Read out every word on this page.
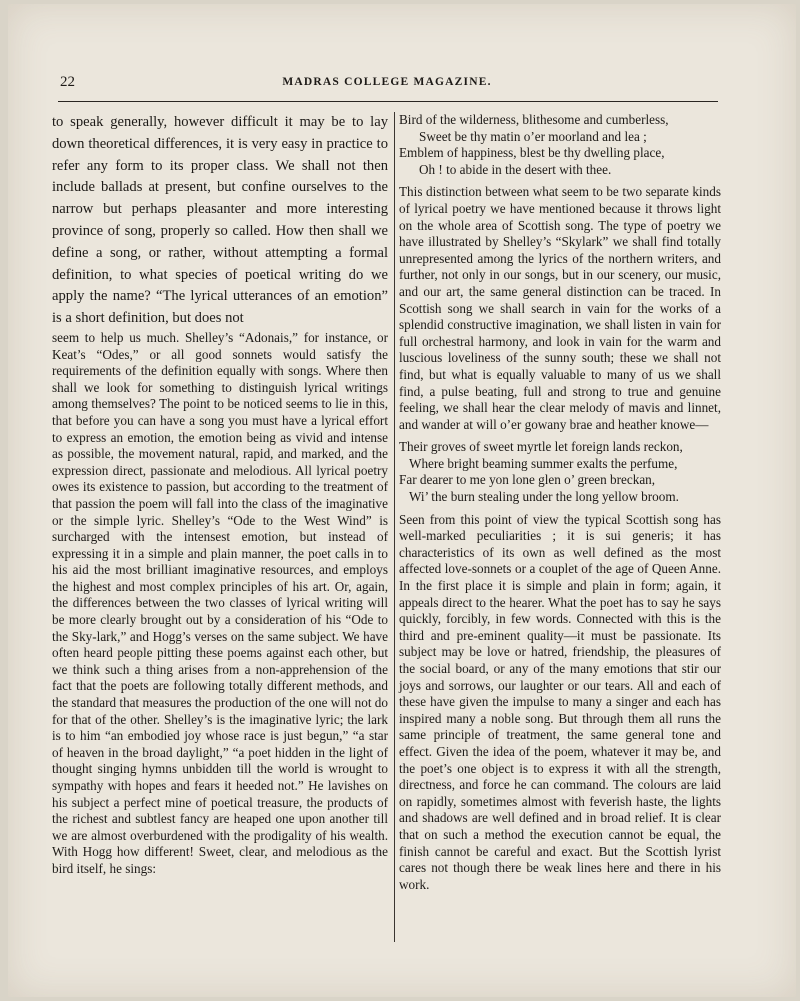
22	MADRAS COLLEGE MAGAZINE.

to speak generally, however difficult it may be to lay down theoretical differences, it is very easy in practice to refer any form to its proper class. We shall not then include ballads at present, but confine ourselves to the narrow but perhaps pleasanter and more interesting province of song, properly so called. How then shall we define a song, or rather, without attempting a formal definition, to what species of poetical writing do we apply the name? “The lyrical utterances of an emotion” is a short definition, but does not

seem to help us much. Shelley’s “Adonais,” for instance, or Keat’s “Odes,” or all good sonnets would satisfy the requirements of the definition equally with songs. Where then shall we look for something to distinguish lyrical writings among themselves? The point to be noticed seems to lie in this, that before you can have a song you must have a lyrical effort to express an emotion, the emotion being as vivid and intense as possible, the movement natural, rapid, and marked, and the expression direct, passionate and melodious. All lyrical poetry owes its existence to passion, but according to the treatment of that passion the poem will fall into the class of the imaginative or the simple lyric. Shelley’s “Ode to the West Wind” is surcharged with the intensest emotion, but instead of expressing it in a simple and plain manner, the poet calls in to his aid the most brilliant imaginative resources, and employs the highest and most complex principles of his art. Or, again, the differences between the two classes of lyrical writing will be more clearly brought out by a consideration of his “Ode to the Sky-lark,” and Hogg’s verses on the same subject. We have often heard people pitting these poems against each other, but we think such a thing arises from a non-apprehension of the fact that the poets are following totally different methods, and the standard that measures the production of the one will not do for that of the other. Shelley’s is the imaginative lyric; the lark is to him “an embodied joy whose race is just begun,” “a star of heaven in the broad daylight,” “a poet hidden in the light of thought singing hymns unbidden till the world is wrought to sympathy with hopes and fears it heeded not.” He lavishes on his subject a perfect mine of poetical treasure, the products of the richest and subtlest fancy are heaped one upon another till we are almost overburdened with the prodigality of his wealth. With Hogg how different! Sweet, clear, and melodious as the bird itself, he sings:

Bird of the wilderness, blithesome and cumberless,
Sweet be thy matin o’er moorland and lea ;
Emblem of happiness, blest be thy dwelling place,
Oh ! to abide in the desert with thee.

This distinction between what seem to be two separate kinds of lyrical poetry we have mentioned because it throws light on the whole area of Scottish song. The type of poetry we have illustrated by Shelley’s “Skylark” we shall find totally unrepresented among the lyrics of the northern writers, and further, not only in our songs, but in our scenery, our music, and our art, the same general distinction can be traced. In Scottish song we shall search in vain for the works of a splendid constructive imagination, we shall listen in vain for full orchestral harmony, and look in vain for the warm and luscious loveliness of the sunny south; these we shall not find, but what is equally valuable to many of us we shall find, a pulse beating, full and strong to true and genuine feeling, we shall hear the clear melody of mavis and linnet, and wander at will o’er gowany brae and heather knowe—

Their groves of sweet myrtle let foreign lands reckon,
Where bright beaming summer exalts the perfume,
Far dearer to me yon lone glen o’ green breckan,
Wi’ the burn stealing under the long yellow broom.

Seen from this point of view the typical Scottish song has well-marked peculiarities ; it is sui generis; it has characteristics of its own as well defined as the most affected love-sonnets or a couplet of the age of Queen Anne. In the first place it is simple and plain in form; again, it appeals direct to the hearer. What the poet has to say he says quickly, forcibly, in few words. Connected with this is the third and pre-eminent quality—it must be passionate. Its subject may be love or hatred, friendship, the pleasures of the social board, or any of the many emotions that stir our joys and sorrows, our laughter or our tears. All and each of these have given the impulse to many a singer and each has inspired many a noble song. But through them all runs the same principle of treatment, the same general tone and effect. Given the idea of the poem, whatever it may be, and the poet’s one object is to express it with all the strength, directness, and force he can command. The colours are laid on rapidly, sometimes almost with feverish haste, the lights and shadows are well defined and in broad relief. It is clear that on such a method the execution cannot be equal, the finish cannot be careful and exact. But the Scottish lyrist cares not though there be weak lines here and there in his work.
